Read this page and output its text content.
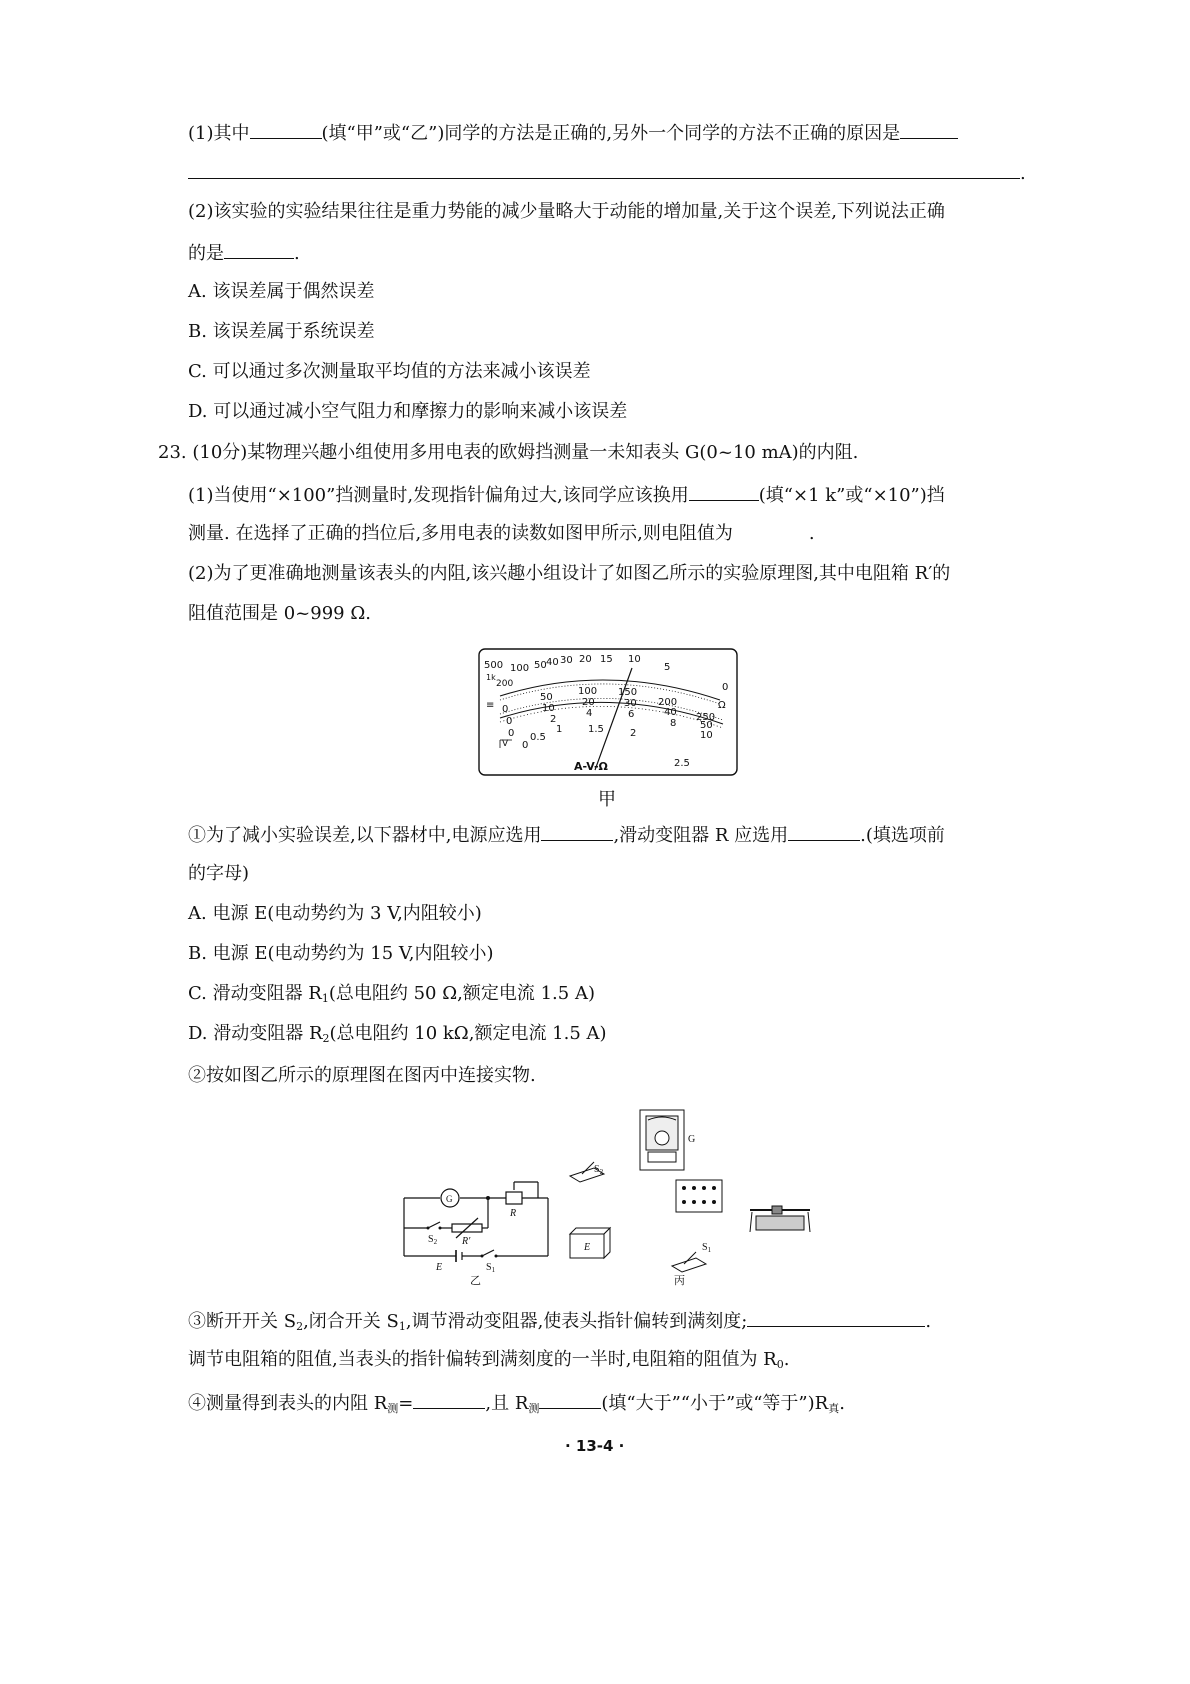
(1)其中	(填“甲”或“乙”)同学的方法是正确的,另外一个同学的方法不正确的原因是
.
(2)该实验的实验结果往往是重力势能的减少量略大于动能的增加量,关于这个误差,下列说法正确
的是	.
A. 该误差属于偶然误差
B. 该误差属于系统误差
C. 可以通过多次测量取平均值的方法来减小该误差
D. 可以通过减小空气阻力和摩擦力的影响来减小该误差
23. (10分)某物理兴趣小组使用多用电表的欧姆挡测量一未知表头 G(0~10 mA)的内阻.
(1)当使用“×100”挡测量时,发现指针偏角过大,该同学应该换用	(填“×1 k”或“×10”)挡
测量. 在选择了正确的挡位后,多用电表的读数如图甲所示,则电阻值为	.
(2)为了更准确地测量该表头的内阻,该兴趣小组设计了如图乙所示的实验原理图,其中电阻箱 R′的
阻值范围是 0~999 Ω.
500 100 50 40 30 20 15 10
5
0
1k
200
Ω
≡ 0
50
100 150
200
250
0
10
20	30
40
50
0
2
4	6
8
10
0
0.5
1	1.5	2
2.5
V
A-V-Ω
甲
①为了减小实验误差,以下器材中,电源应选用	,滑动变阻器 R 应选用	.(填选项前
的字母)
A. 电源 E(电动势约为 3 V,内阻较小)
B. 电源 E(电动势约为 15 V,内阻较小)
C. 滑动变阻器 $R_1$(总电阻约 50 Ω,额定电流 1.5 A)
D. 滑动变阻器 $R_2$(总电阻约 10 kΩ,额定电流 1.5 A)
②按如图乙所示的原理图在图丙中连接实物.
G
R
R′
$S_2$
$S_1$
E
乙
G
$S_2$
E	$S_1$
丙
③断开开关 $S_2$,闭合开关 $S_1$,调节滑动变阻器,使表头指针偏转到满刻度;	.
调节电阻箱的阻值,当表头的指针偏转到满刻度的一半时,电阻箱的阻值为 $R_0$.
④测量得到表头的内阻 $R_测=$	,且 $R_测$	(填“大于”“小于”或“等于$”)R_真$.
· 13-4 ·
